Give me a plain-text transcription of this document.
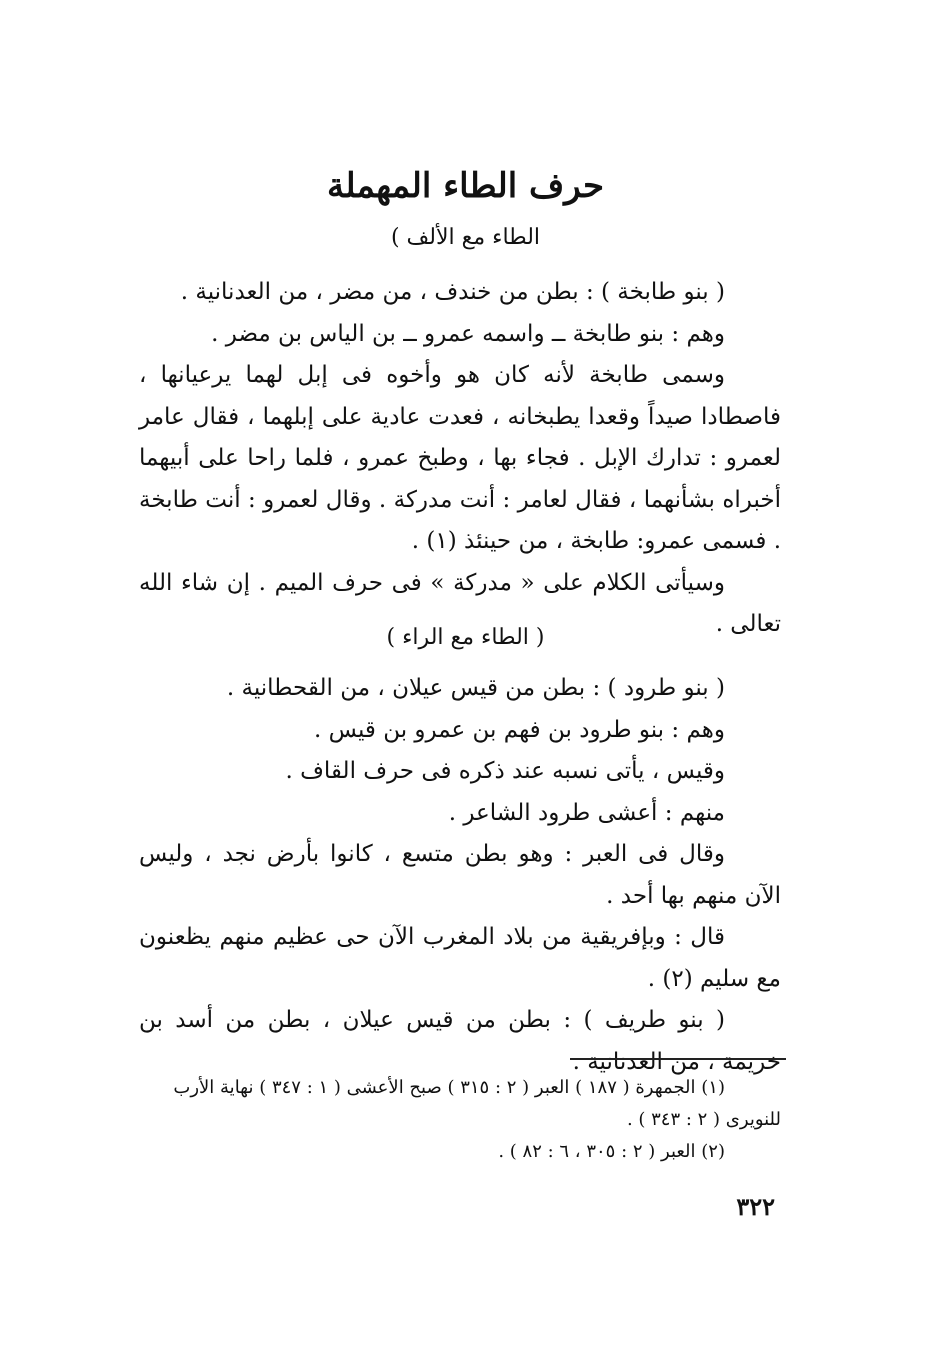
حرف الطاء المهملة
الطاء مع الألف )

( بنو طابخة ) : بطن من خندف ، من مضر ، من العدنانية .

وهم : بنو طابخة ــ واسمه عمرو ــ بن الياس بن مضر .

وسمى طابخة لأنه كان هو وأخوه فى إبل لهما يرعيانها ، فاصطادا صيداً وقعدا يطبخانه ، فعدت عادية على إبلهما ، فقال عامر لعمرو : تدارك الإبل . فجاء بها ، وطبخ عمرو ، فلما راحا على أبيهما أخبراه بشأنهما ، فقال لعامر : أنت مدركة . وقال لعمرو : أنت طابخة . فسمى عمرو: طابخة ، من حينئذ (١) .

وسيأتى الكلام على « مدركة » فى حرف الميم . إن شاء الله تعالى .

( الطاء مع الراء )

( بنو طرود ) : بطن من قيس عيلان ، من القحطانية .

وهم : بنو طرود بن فهم بن عمرو بن قيس .

وقيس ، يأتى نسبه عند ذكره فى حرف القاف .

منهم : أعشى طرود الشاعر .

وقال فى العبر : وهو بطن متسع ، كانوا بأرض نجد ، وليس الآن منهم بها أحد .

قال : وبإفريقية من بلاد المغرب الآن حى عظيم منهم يظعنون مع سليم (٢) .

( بنو طريف ) : بطن من قيس عيلان ، بطن من أسد بن خزيمة ، من العدنانية .

(١) الجمهرة ( ١٨٧ ) العبر ( ٢ : ٣١٥ ) صبح الأعشى ( ١ : ٣٤٧ ) نهاية الأرب للنويرى ( ٢ : ٣٤٣ ) .

(٢) العبر ( ٢ : ٣٠٥ ، ٦ : ٨٢ ) .

٣٢٢
